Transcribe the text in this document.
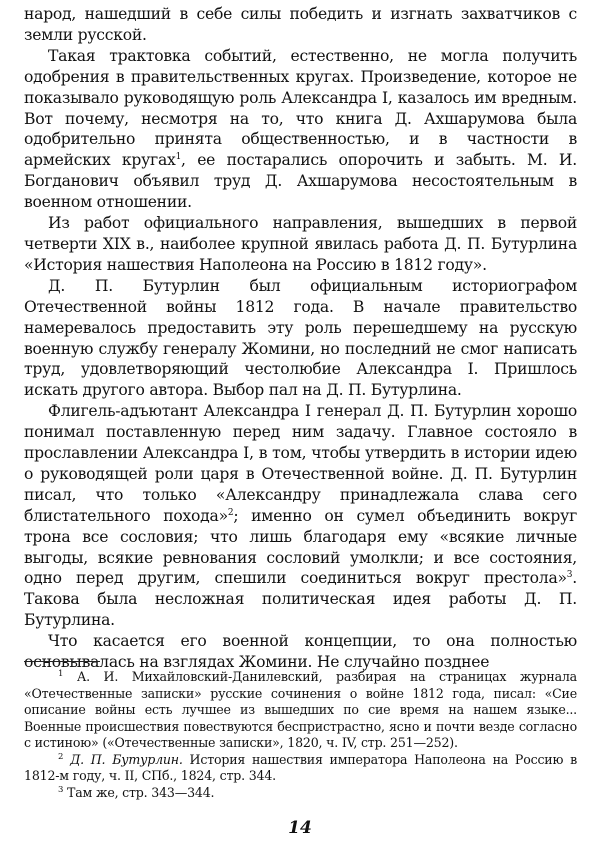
народ, нашедший в себе силы победить и изгнать захватчиков с земли русской.

Такая трактовка событий, естественно, не могла получить одобрения в правительственных кругах. Произведение, которое не показывало руководящую роль Александра I, казалось им вредным. Вот почему, несмотря на то, что книга Д. Ахшарумова была одобрительно принята общественностью, и в частности в армейских кругах$^1$, ее постарались опорочить и забыть. М. И. Богданович объявил труд Д. Ахшарумова несостоятельным в военном отношении.

Из работ официального направления, вышедших в первой четверти XIX в., наиболее крупной явилась работа Д. П. Бутурлина «История нашествия Наполеона на Россию в 1812 году».

Д. П. Бутурлин был официальным историографом Отечественной войны 1812 года. В начале правительство намеревалось предоставить эту роль перешедшему на русскую военную службу генералу Жомини, но последний не смог написать труд, удовлетворяющий честолюбие Александра I. Пришлось искать другого автора. Выбор пал на Д. П. Бутурлина.

Флигель-адъютант Александра I генерал Д. П. Бутурлин хорошо понимал поставленную перед ним задачу. Главное состояло в прославлении Александра I, в том, чтобы утвердить в истории идею о руководящей роли царя в Отечественной войне. Д. П. Бутурлин писал, что только «Александру принадлежала слава сего блистательного похода»$^2$; именно он сумел объединить вокруг трона все сословия; что лишь благодаря ему «всякие личные выгоды, всякие ревнования сословий умолкли; и все состояния, одно перед другим, спешили соединиться вокруг престола»$^3$. Такова была несложная политическая идея работы Д. П. Бутурлина.

Что касается его военной концепции, то она полностью основывалась на взглядах Жомини. Не случайно позднее

$^1$ А. И. Михайловский-Данилевский, разбирая на страницах журнала «Отечественные записки» русские сочинения о войне 1812 года, писал: «Сие описание войны есть лучшее из вышедших по сие время на нашем языке... Военные происшествия повествуются беспристрастно, ясно и почти везде согласно с истиною» («Отечественные записки», 1820, ч. IV, стр. 251—252).

$^2$ Д. П. Бутурлин. История нашествия императора Наполеона на Россию в 1812-м году, ч. II, СПб., 1824, стр. 344.

$^3$ Там же, стр. 343—344.

14
